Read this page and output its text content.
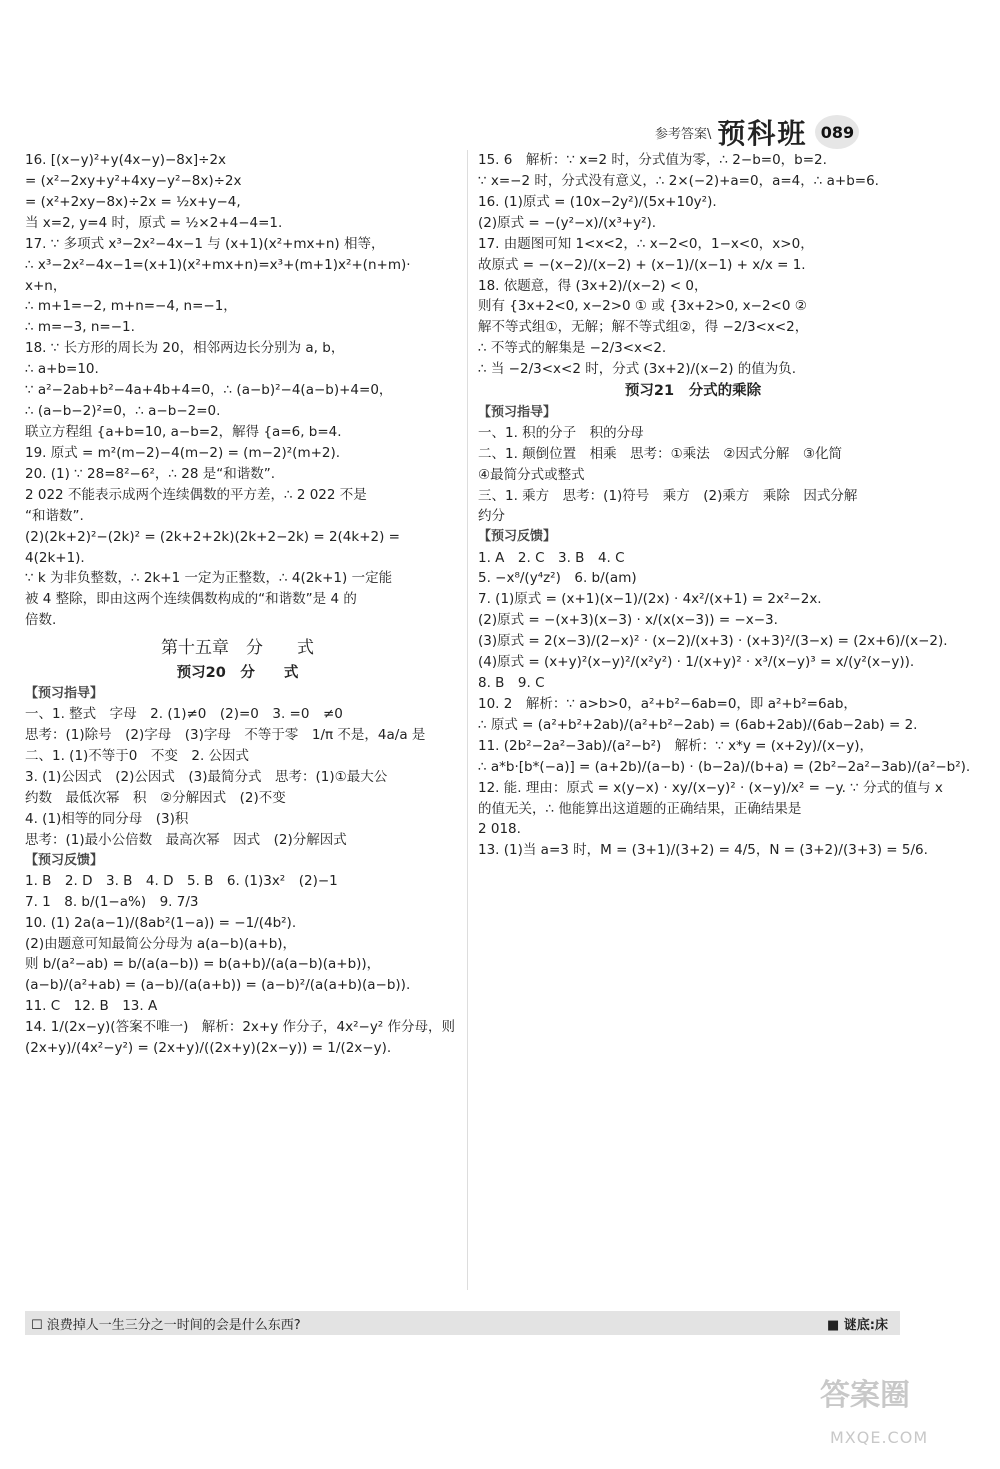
参考答案\ 预科班 089
16. [(x−y)²+y(4x−y)−8x]÷2x
= (x²−2xy+y²+4xy−y²−8x)÷2x
= (x²+2xy−8x)÷2x = ½x+y−4,
当 x=2, y=4 时，原式 = ½×2+4−4=1.
17. ∵ 多项式 x³−2x²−4x−1 与 (x+1)(x²+mx+n) 相等，
∴ x³−2x²−4x−1=(x+1)(x²+mx+n)=x³+(m+1)x²+(n+m)·
x+n，
∴ m+1=−2, m+n=−4, n=−1，
∴ m=−3, n=−1.
18. ∵ 长方形的周长为 20，相邻两边长分别为 a, b，
∴ a+b=10.
∵ a²−2ab+b²−4a+4b+4=0，∴ (a−b)²−4(a−b)+4=0，
∴ (a−b−2)²=0，∴ a−b−2=0.
联立方程组 {a+b=10, a−b=2，解得 {a=6, b=4.
19. 原式 = m²(m−2)−4(m−2) = (m−2)²(m+2).
20. (1) ∵ 28=8²−6²，∴ 28 是“和谐数”.
2 022 不能表示成两个连续偶数的平方差，∴ 2 022 不是
“和谐数”.
(2)(2k+2)²−(2k)² = (2k+2+2k)(2k+2−2k) = 2(4k+2) =
4(2k+1).
∵ k 为非负整数，∴ 2k+1 一定为正整数，∴ 4(2k+1) 一定能
被 4 整除，即由这两个连续偶数构成的“和谐数”是 4 的
倍数.
第十五章　分　　式
预习20　分　　式
【预习指导】
一、1. 整式　字母　2. (1)≠0　(2)=0　3. =0　≠0
思考：(1)除号　(2)字母　(3)字母　不等于零　1/π 不是，4a/a 是
二、1. (1)不等于0　不变　2. 公因式
3. (1)公因式　(2)公因式　(3)最简分式　思考：(1)①最大公
约数　最低次幂　积　②分解因式　(2)不变
4. (1)相等的同分母　(3)积
思考：(1)最小公倍数　最高次幂　因式　(2)分解因式
【预习反馈】
1. B　2. D　3. B　4. D　5. B　6. (1)3x²　(2)−1
7. 1　8. b/(1−a%)　9. 7/3
10. (1) 2a(a−1)/(8ab²(1−a)) = −1/(4b²).
(2)由题意可知最简公分母为 a(a−b)(a+b)，
则 b/(a²−ab) = b/(a(a−b)) = b(a+b)/(a(a−b)(a+b))，
(a−b)/(a²+ab) = (a−b)/(a(a+b)) = (a−b)²/(a(a+b)(a−b)).
11. C　12. B　13. A
14. 1/(2x−y)(答案不唯一)　解析：2x+y 作分子，4x²−y² 作分母，则
(2x+y)/(4x²−y²) = (2x+y)/((2x+y)(2x−y)) = 1/(2x−y).
15. 6　解析：∵ x=2 时，分式值为零，∴ 2−b=0，b=2.
∵ x=−2 时，分式没有意义，∴ 2×(−2)+a=0，a=4，∴ a+b=6.
16. (1)原式 = (10x−2y²)/(5x+10y²).
(2)原式 = −(y²−x)/(x³+y²).
17. 由题图可知 1<x<2，∴ x−2<0，1−x<0，x>0，
故原式 = −(x−2)/(x−2) + (x−1)/(x−1) + x/x = 1.
18. 依题意，得 (3x+2)/(x−2) < 0，
则有 {3x+2<0, x−2>0 ① 或 {3x+2>0, x−2<0 ②
解不等式组①，无解；解不等式组②，得 −2/3<x<2，
∴ 不等式的解集是 −2/3<x<2.
∴ 当 −2/3<x<2 时，分式 (3x+2)/(x−2) 的值为负.
预习21　分式的乘除
【预习指导】
一、1. 积的分子　积的分母
二、1. 颠倒位置　相乘　思考：①乘法　②因式分解　③化简
④最简分式或整式
三、1. 乘方　思考：(1)符号　乘方　(2)乘方　乘除　因式分解
约分
【预习反馈】
1. A　2. C　3. B　4. C
5. −x⁸/(y⁴z²)　6. b/(am)
7. (1)原式 = (x+1)(x−1)/(2x) · 4x²/(x+1) = 2x²−2x.
(2)原式 = −(x+3)(x−3) · x/(x(x−3)) = −x−3.
(3)原式 = 2(x−3)/(2−x)² · (x−2)/(x+3) · (x+3)²/(3−x) = (2x+6)/(x−2).
(4)原式 = (x+y)²(x−y)²/(x²y²) · 1/(x+y)² · x³/(x−y)³ = x/(y²(x−y)).
8. B　9. C
10. 2　解析：∵ a>b>0，a²+b²−6ab=0，即 a²+b²=6ab，
∴ 原式 = (a²+b²+2ab)/(a²+b²−2ab) = (6ab+2ab)/(6ab−2ab) = 2.
11. (2b²−2a²−3ab)/(a²−b²)　解析：∵ x*y = (x+2y)/(x−y)，
∴ a*b·[b*(−a)] = (a+2b)/(a−b) · (b−2a)/(b+a) = (2b²−2a²−3ab)/(a²−b²).
12. 能. 理由：原式 = x(y−x) · xy/(x−y)² · (x−y)/x² = −y. ∵ 分式的值与 x
的值无关，∴ 他能算出这道题的正确结果，正确结果是
2 018.
13. (1)当 a=3 时，M = (3+1)/(3+2) = 4/5，N = (3+2)/(3+3) = 5/6.
☐ 浪费掉人一生三分之一时间的会是什么东西?	■ 谜底:床
答案圈
MXQE.COM
